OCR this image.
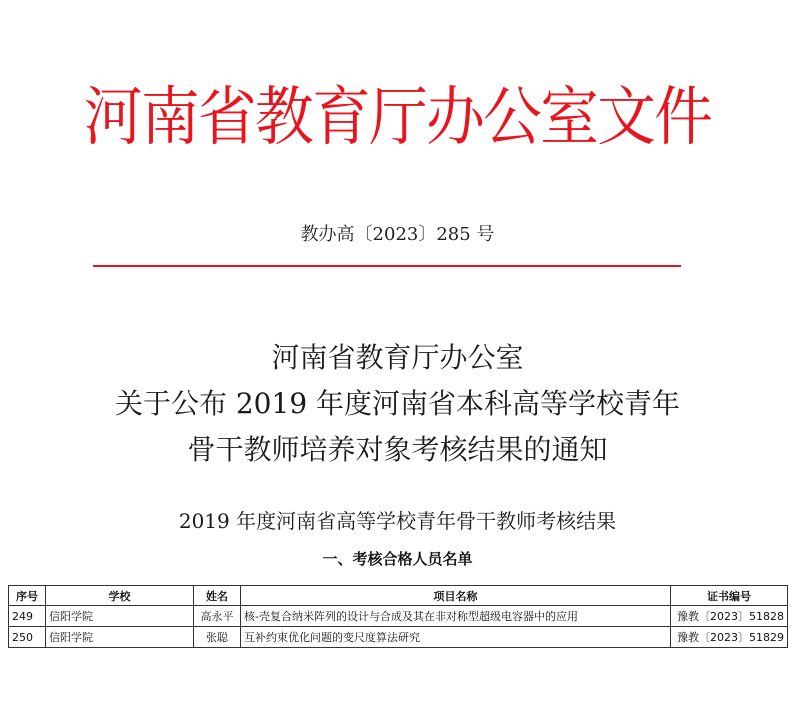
河南省教育厅办公室文件
教办高〔2023〕285 号
河南省教育厅办公室
关于公布 2019 年度河南省本科高等学校青年
骨干教师培养对象考核结果的通知
2019 年度河南省高等学校青年骨干教师考核结果
一、考核合格人员名单
序号	学校	姓名	项目名称	证书编号
249	信阳学院	高永平	核-壳复合纳米阵列的设计与合成及其在非对称型超级电容器中的应用	豫教〔2023〕51828
250	信阳学院	张聪	互补约束优化问题的变尺度算法研究	豫教〔2023〕51829
